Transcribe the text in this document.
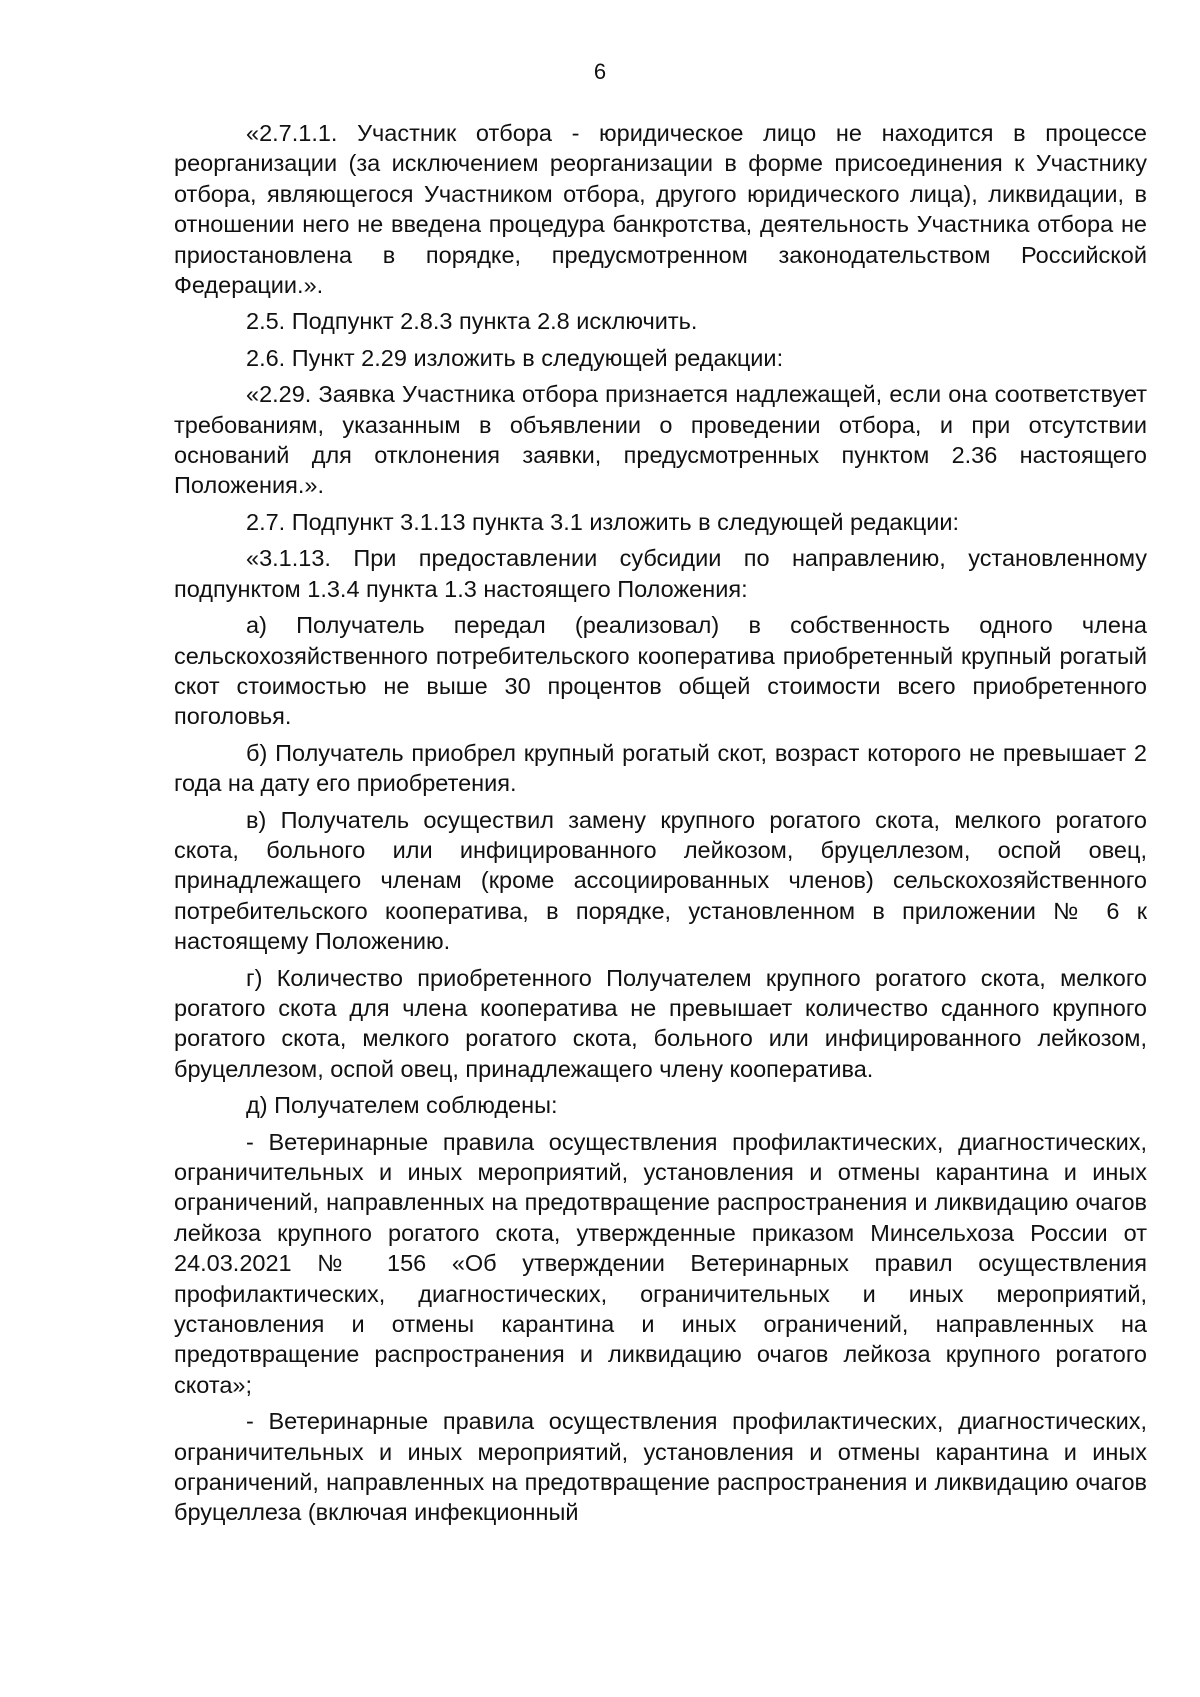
6

«2.7.1.1. Участник отбора - юридическое лицо не находится в процессе реорганизации (за исключением реорганизации в форме присоединения к Участнику отбора, являющегося Участником отбора, другого юридического лица), ликвидации, в отношении него не введена процедура банкротства, деятельность Участника отбора не приостановлена в порядке, предусмотренном законодательством Российской Федерации.».

2.5. Подпункт 2.8.3 пункта 2.8 исключить.

2.6. Пункт 2.29 изложить в следующей редакции:

«2.29. Заявка Участника отбора признается надлежащей, если она соответствует требованиям, указанным в объявлении о проведении отбора, и при отсутствии оснований для отклонения заявки, предусмотренных пунктом 2.36 настоящего Положения.».

2.7. Подпункт 3.1.13 пункта 3.1 изложить в следующей редакции:

«3.1.13. При предоставлении субсидии по направлению, установленному подпунктом 1.3.4 пункта 1.3 настоящего Положения:

а) Получатель передал (реализовал) в собственность одного члена сельскохозяйственного потребительского кооператива приобретенный крупный рогатый скот стоимостью не выше 30 процентов общей стоимости всего приобретенного поголовья.

б) Получатель приобрел крупный рогатый скот, возраст которого не превышает 2 года на дату его приобретения.

в) Получатель осуществил замену крупного рогатого скота, мелкого рогатого скота, больного или инфицированного лейкозом, бруцеллезом, оспой овец, принадлежащего членам (кроме ассоциированных членов) сельскохозяйственного потребительского кооператива, в порядке, установленном в приложении № 6 к настоящему Положению.

г) Количество приобретенного Получателем крупного рогатого скота, мелкого рогатого скота для члена кооператива не превышает количество сданного крупного рогатого скота, мелкого рогатого скота, больного или инфицированного лейкозом, бруцеллезом, оспой овец, принадлежащего члену кооператива.

д) Получателем соблюдены:

- Ветеринарные правила осуществления профилактических, диагностических, ограничительных и иных мероприятий, установления и отмены карантина и иных ограничений, направленных на предотвращение распространения и ликвидацию очагов лейкоза крупного рогатого скота, утвержденные приказом Минсельхоза России от 24.03.2021 № 156 «Об утверждении Ветеринарных правил осуществления профилактических, диагностических, ограничительных и иных мероприятий, установления и отмены карантина и иных ограничений, направленных на предотвращение распространения и ликвидацию очагов лейкоза крупного рогатого скота»;

- Ветеринарные правила осуществления профилактических, диагностических, ограничительных и иных мероприятий, установления и отмены карантина и иных ограничений, направленных на предотвращение распространения и ликвидацию очагов бруцеллеза (включая инфекционный
